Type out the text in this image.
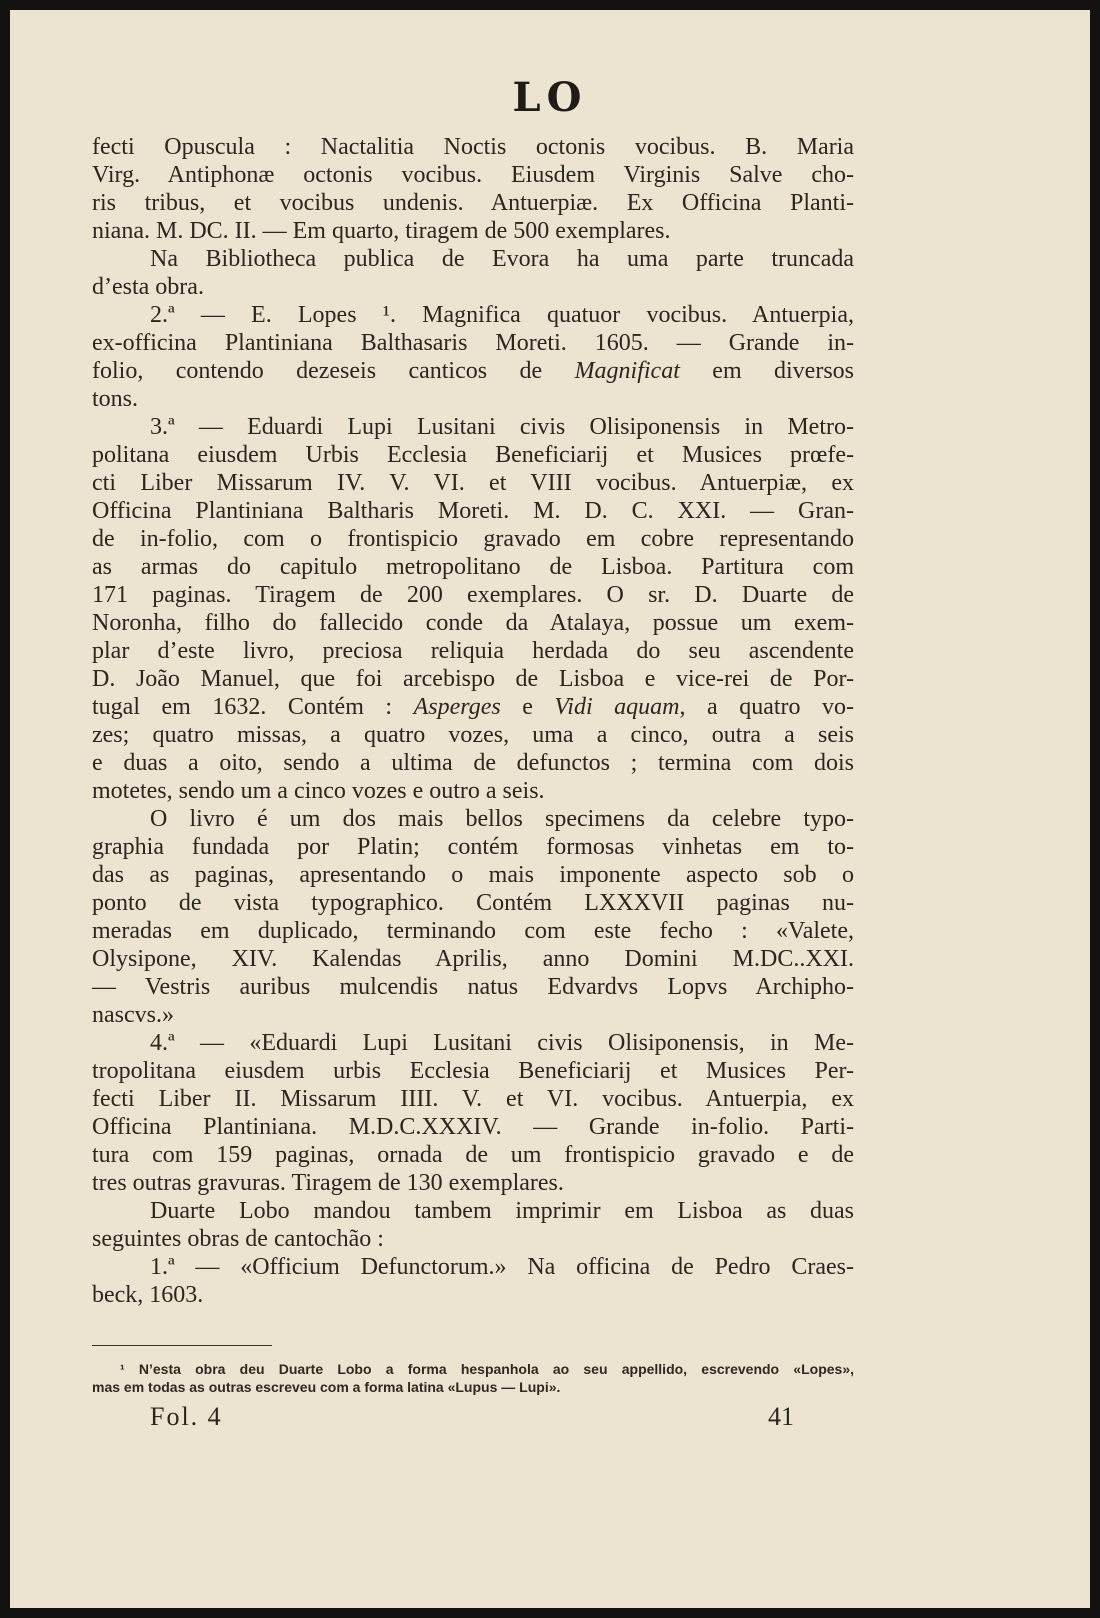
LO
fecti Opuscula : Nactalitia Noctis octonis vocibus. B. Maria
Virg. Antiphonæ octonis vocibus. Eiusdem Virginis Salve cho-
ris tribus, et vocibus undenis. Antuerpiæ. Ex Officina Planti-
niana. M. DC. II. — Em quarto, tiragem de 500 exemplares.
Na Bibliotheca publica de Evora ha uma parte truncada
d’esta obra.
2.ª — E. Lopes ¹. Magnifica quatuor vocibus. Antuerpia,
ex-officina Plantiniana Balthasaris Moreti. 1605. — Grande in-
folio, contendo dezeseis canticos de Magnificat em diversos
tons.
3.ª — Eduardi Lupi Lusitani civis Olisiponensis in Metro-
politana eiusdem Urbis Ecclesia Beneficiarij et Musices prœfe-
cti Liber Missarum IV. V. VI. et VIII vocibus. Antuerpiæ, ex
Officina Plantiniana Baltharis Moreti. M. D. C. XXI. — Gran-
de in-folio, com o frontispicio gravado em cobre representando
as armas do capitulo metropolitano de Lisboa. Partitura com
171 paginas. Tiragem de 200 exemplares. O sr. D. Duarte de
Noronha, filho do fallecido conde da Atalaya, possue um exem-
plar d’este livro, preciosa reliquia herdada do seu ascendente
D. João Manuel, que foi arcebispo de Lisboa e vice-rei de Por-
tugal em 1632. Contém : Asperges e Vidi aquam, a quatro vo-
zes; quatro missas, a quatro vozes, uma a cinco, outra a seis
e duas a oito, sendo a ultima de defunctos ; termina com dois
motetes, sendo um a cinco vozes e outro a seis.
O livro é um dos mais bellos specimens da celebre typo-
graphia fundada por Platin; contém formosas vinhetas em to-
das as paginas, apresentando o mais imponente aspecto sob o
ponto de vista typographico. Contém LXXXVII paginas nu-
meradas em duplicado, terminando com este fecho : «Valete,
Olysipone, XIV. Kalendas Aprilis, anno Domini M.DC..XXI.
— Vestris auribus mulcendis natus Edvardvs Lopvs Archipho-
nascvs.»
4.ª — «Eduardi Lupi Lusitani civis Olisiponensis, in Me-
tropolitana eiusdem urbis Ecclesia Beneficiarij et Musices Per-
fecti Liber II. Missarum IIII. V. et VI. vocibus. Antuerpia, ex
Officina Plantiniana. M.D.C.XXXIV. — Grande in-folio. Parti-
tura com 159 paginas, ornada de um frontispicio gravado e de
tres outras gravuras. Tiragem de 130 exemplares.
Duarte Lobo mandou tambem imprimir em Lisboa as duas
seguintes obras de cantochão :
1.ª — «Officium Defunctorum.» Na officina de Pedro Craes-
beck, 1603.
¹ N’esta obra deu Duarte Lobo a forma hespanhola ao seu appellido, escrevendo «Lopes»,
mas em todas as outras escreveu com a forma latina «Lupus — Lupi».
Fol. 4	41
